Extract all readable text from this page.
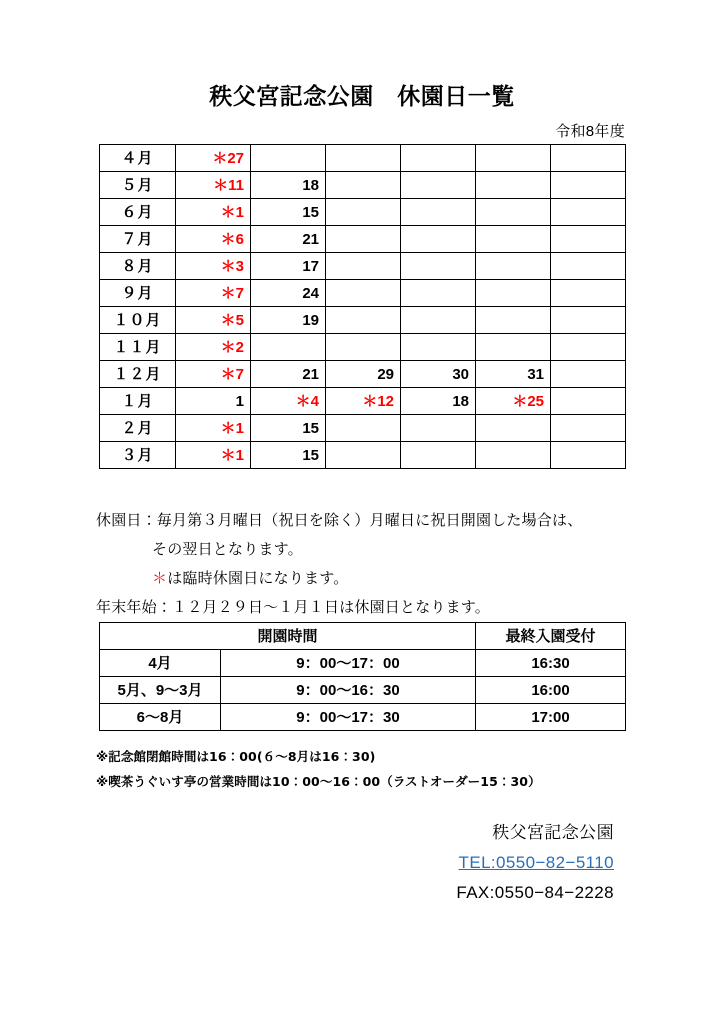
秩父宮記念公園　休園日一覧
令和8年度
４月	＊27					
５月	＊11	18				
６月	＊1	15				
７月	＊6	21				
８月	＊3	17				
９月	＊7	24				
１０月	＊5	19				
１１月	＊2					
１２月	＊7	21	29	30	31	
１月	1	＊4	＊12	18	＊25	
２月	＊1	15				
３月	＊1	15				
休園日：毎月第３月曜日（祝日を除く）月曜日に祝日開園した場合は、
その翌日となります。
＊は臨時休園日になります。
年末年始：１２月２９日〜１月１日は休園日となります。
開園時間		最終入園受付
4月	9：00〜17：00	16:30
5月、9〜3月	9：00〜16：30	16:00
6〜8月	9：00〜17：30	17:00
※記念館閉館時間は16：00(６〜8月は16：30)
※喫茶うぐいす亭の営業時間は10：00〜16：00（ラストオーダー15：30）
秩父宮記念公園
TEL:0550−82−5110
FAX:0550−84−2228
